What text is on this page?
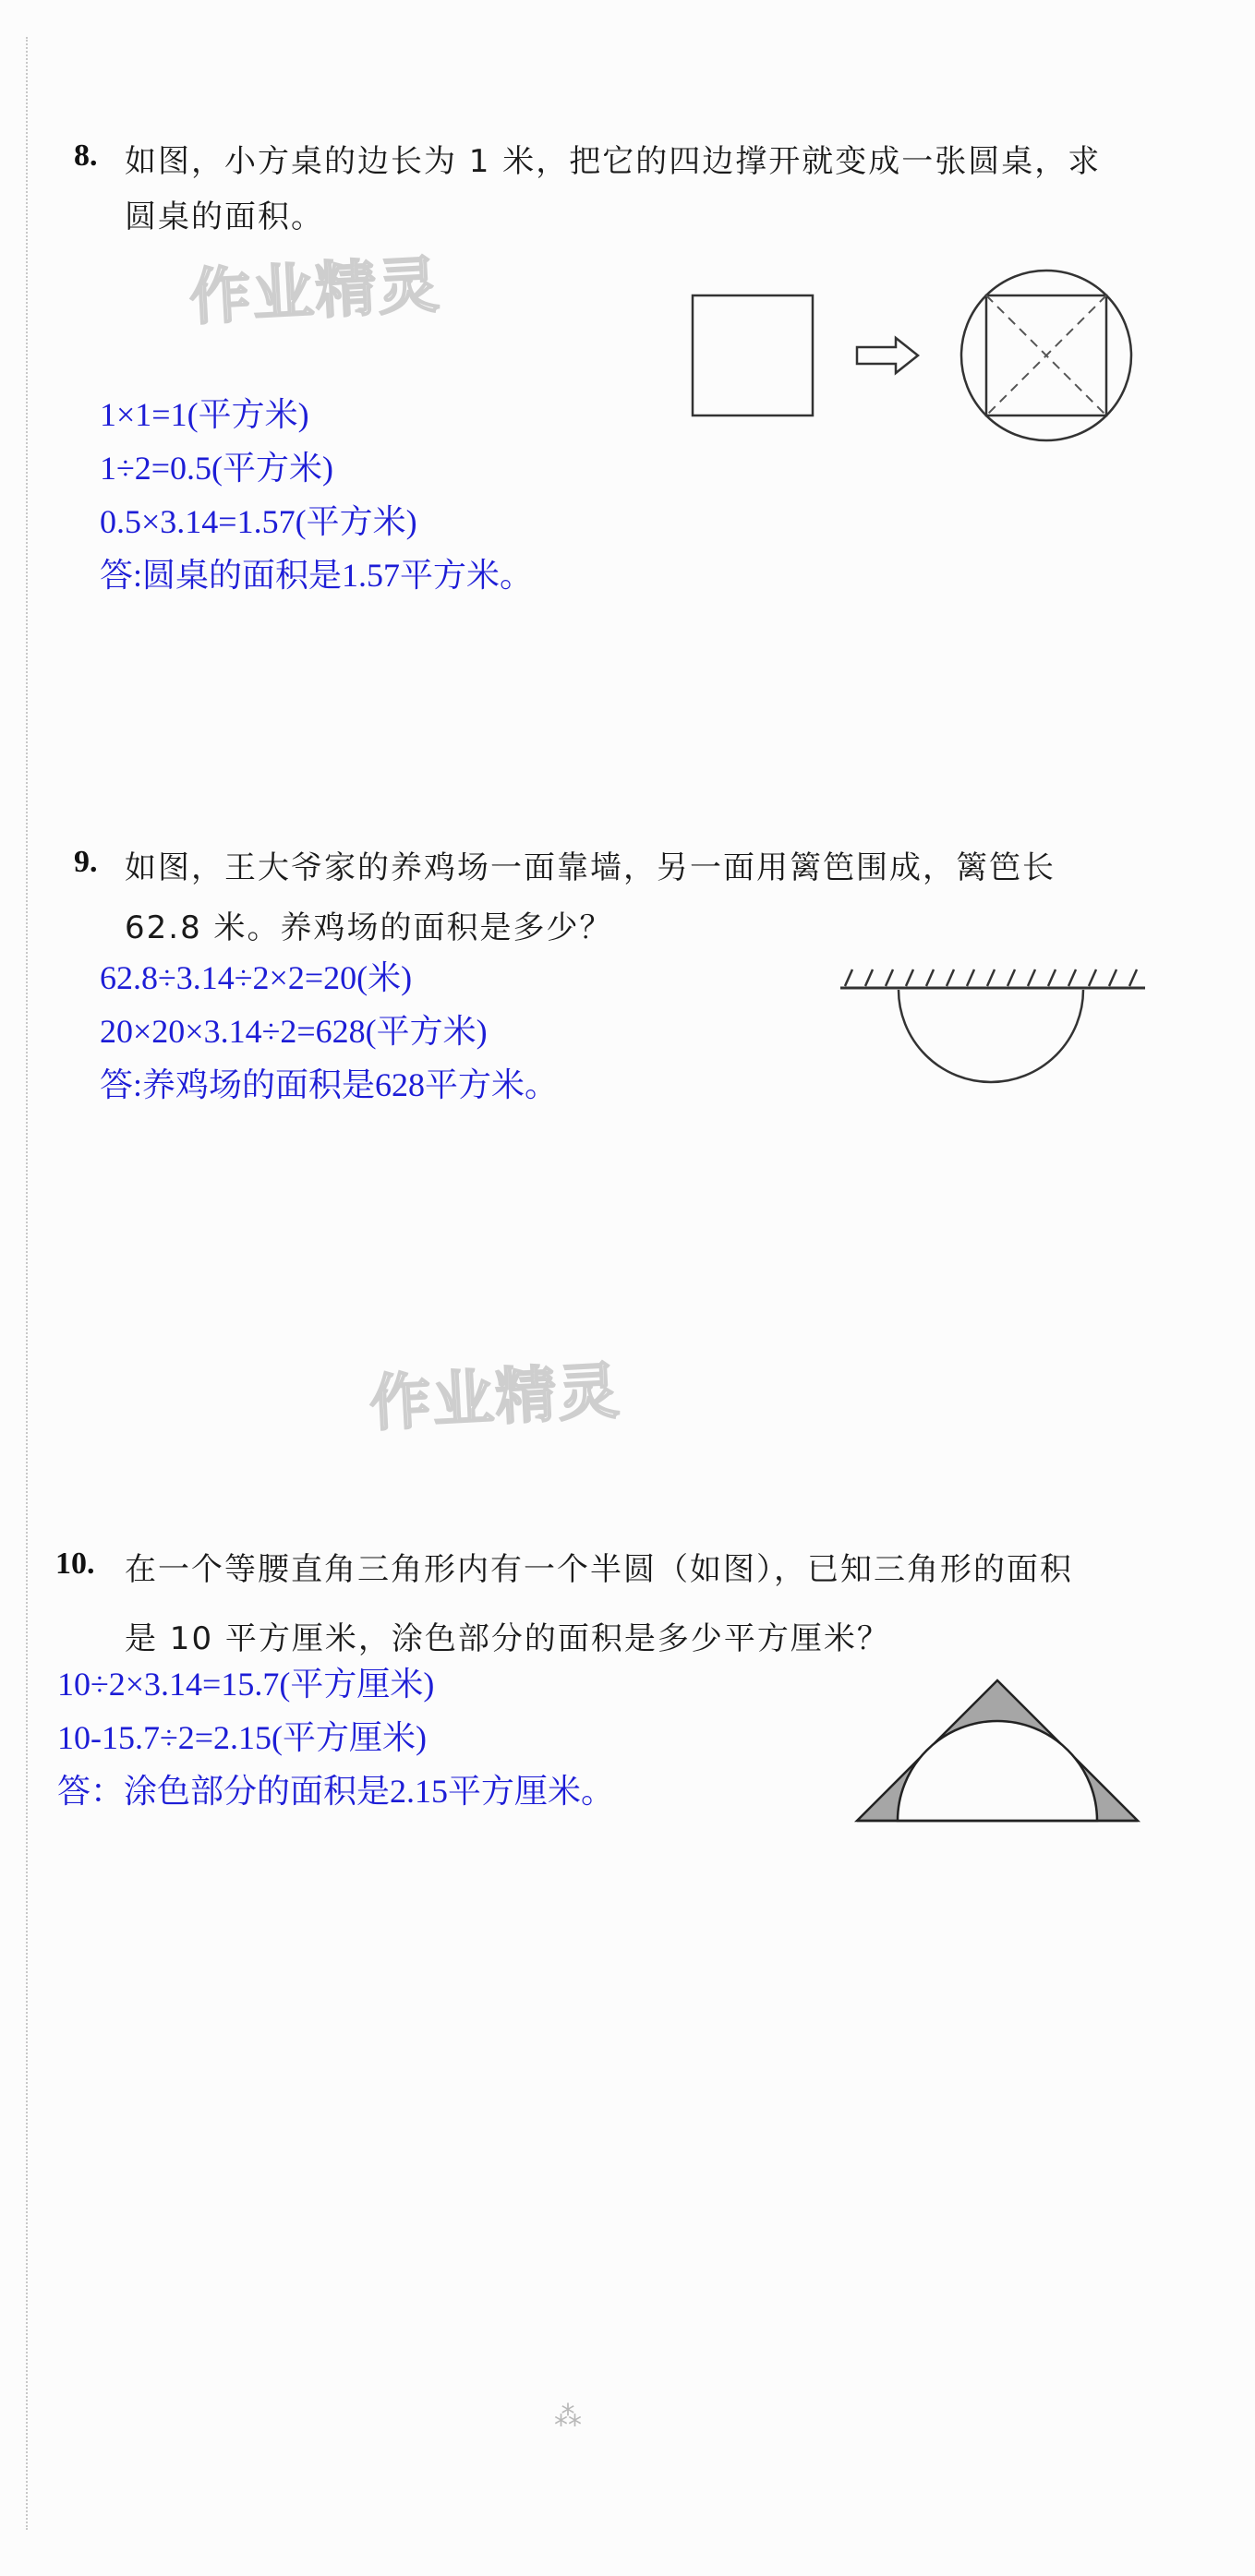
8. 如图，小方桌的边长为 1 米，把它的四边撑开就变成一张圆桌，求
圆桌的面积。
作业精灵
1×1=1(平方米)
1÷2=0.5(平方米)
0.5×3.14=1.57(平方米)
答:圆桌的面积是1.57平方米。
9. 如图，王大爷家的养鸡场一面靠墙，另一面用篱笆围成，篱笆长
62.8 米。养鸡场的面积是多少？
62.8÷3.14÷2×2=20(米)
20×20×3.14÷2=628(平方米)
答:养鸡场的面积是628平方米。
作业精灵
10. 在一个等腰直角三角形内有一个半圆（如图），已知三角形的面积
是 10 平方厘米，涂色部分的面积是多少平方厘米？
10÷2×3.14=15.7(平方厘米)
10-15.7÷2=2.15(平方厘米)
答：涂色部分的面积是2.15平方厘米。
⁂
